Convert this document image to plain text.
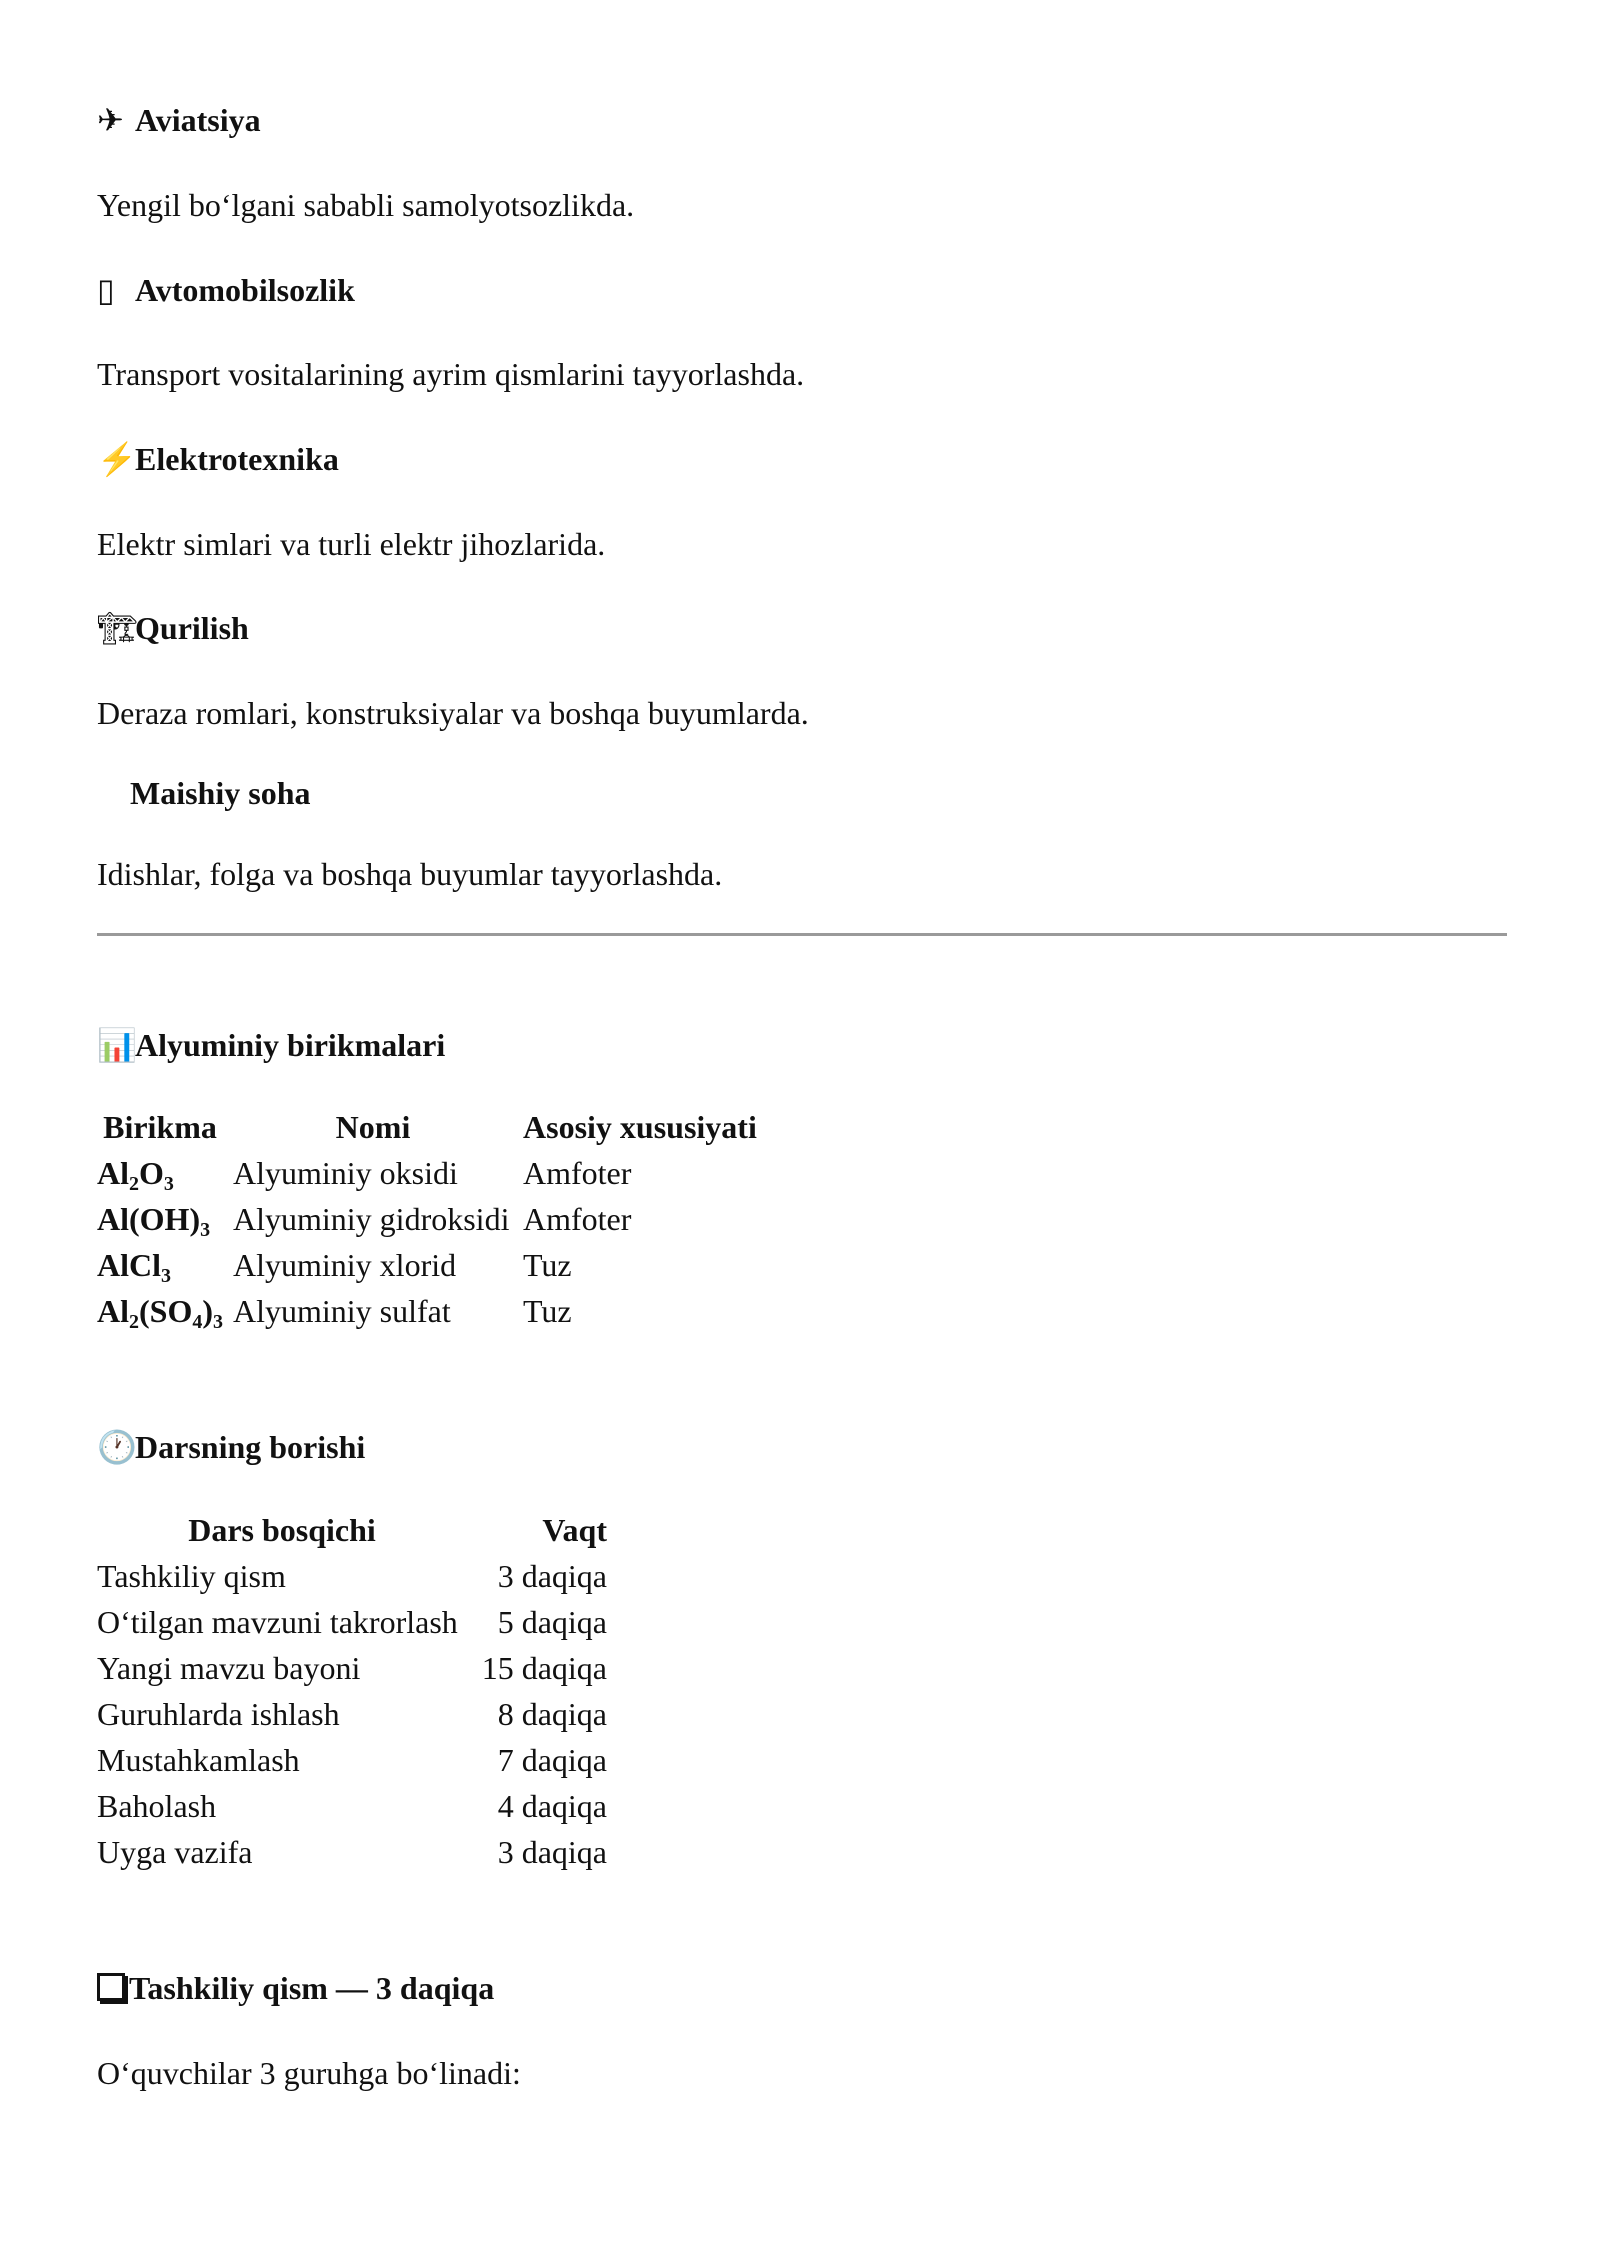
✈ Aviatsiya
Yengil bo‘lgani sababli samolyotsozlikda.
▯ Avtomobilsozlik
Transport vositalarining ayrim qismlarini tayyorlashda.
⚡Elektrotexnika
Elektr simlari va turli elektr jihozlarida.
🏗Qurilish
Deraza romlari, konstruksiyalar va boshqa buyumlarda.
Maishiy soha
Idishlar, folga va boshqa buyumlar tayyorlashda.
📊Alyuminiy birikmalari
Birikma	Nomi	Asosiy xususiyati
$Al_2O_3$	Alyuminiy oksidi	Amfoter
$Al(OH)_3$	Alyuminiy gidroksidi	Amfoter
AlCl$_3$	Alyuminiy xlorid	Tuz
$Al_2(SO_4)_3$	Alyuminiy sulfat	Tuz
🕐Darsning borishi
Dars bosqichi	Vaqt
Tashkiliy qism	3 daqiqa
O‘tilgan mavzuni takrorlash	5 daqiqa
Yangi mavzu bayoni	15 daqiqa
Guruhlarda ishlash	8 daqiqa
Mustahkamlash	7 daqiqa
Baholash	4 daqiqa
Uyga vazifa	3 daqiqa
Tashkiliy qism — 3 daqiqa
O‘quvchilar 3 guruhga bo‘linadi:
